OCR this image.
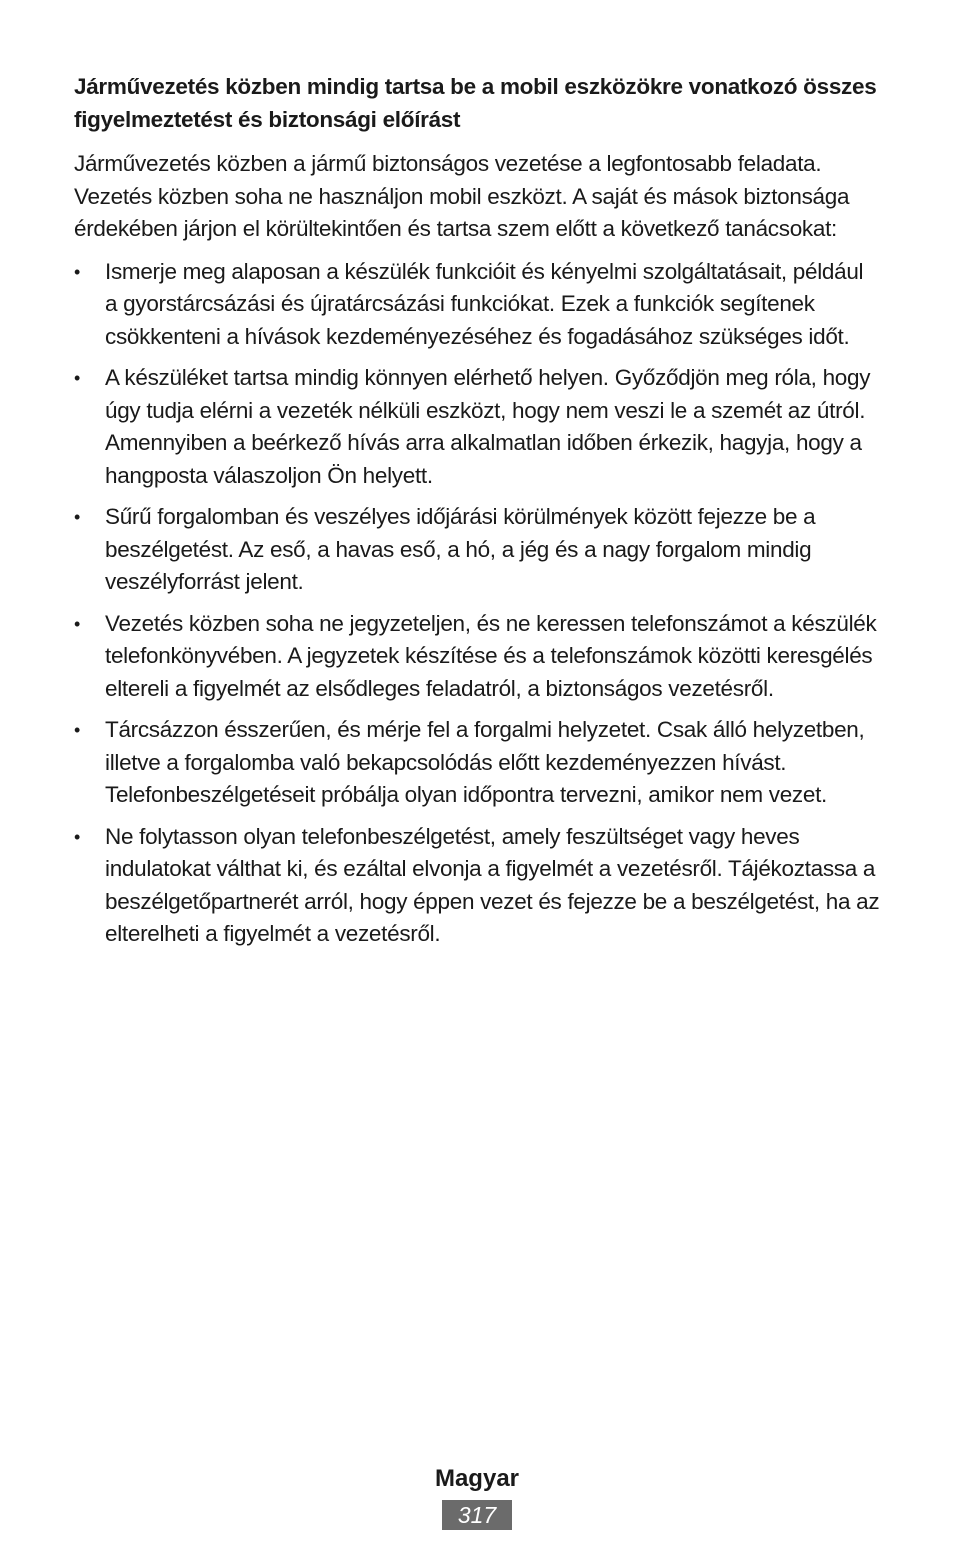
Járművezetés közben mindig tartsa be a mobil eszközökre vonatkozó összes figyelmeztetést és biztonsági előírást
Járművezetés közben a jármű biztonságos vezetése a legfontosabb feladata. Vezetés közben soha ne használjon mobil eszközt. A saját és mások biztonsága érdekében járjon el körültekintően és tartsa szem előtt a következő tanácsokat:
• Ismerje meg alaposan a készülék funkcióit és kényelmi szolgáltatásait, például a gyorstárcsázási és újratárcsázási funkciókat. Ezek a funkciók segítenek csökkenteni a hívások kezdeményezéséhez és fogadásához szükséges időt.
• A készüléket tartsa mindig könnyen elérhető helyen. Győződjön meg róla, hogy úgy tudja elérni a vezeték nélküli eszközt, hogy nem veszi le a szemét az útról. Amennyiben a beérkező hívás arra alkalmatlan időben érkezik, hagyja, hogy a hangposta válaszoljon Ön helyett.
• Sűrű forgalomban és veszélyes időjárási körülmények között fejezze be a beszélgetést. Az eső, a havas eső, a hó, a jég és a nagy forgalom mindig veszélyforrást jelent.
• Vezetés közben soha ne jegyzeteljen, és ne keressen telefonszámot a készülék telefonkönyvében. A jegyzetek készítése és a telefonszámok közötti keresgélés eltereli a figyelmét az elsődleges feladatról, a biztonságos vezetésről.
• Tárcsázzon ésszerűen, és mérje fel a forgalmi helyzetet. Csak álló helyzetben, illetve a forgalomba való bekapcsolódás előtt kezdeményezzen hívást. Telefonbeszélgetéseit próbálja olyan időpontra tervezni, amikor nem vezet.
• Ne folytasson olyan telefonbeszélgetést, amely feszültséget vagy heves indulatokat válthat ki, és ezáltal elvonja a figyelmét a vezetésről. Tájékoztassa a beszélgetőpartnerét arról, hogy éppen vezet és fejezze be a beszélgetést, ha az elterelheti a figyelmét a vezetésről.
Magyar
317
